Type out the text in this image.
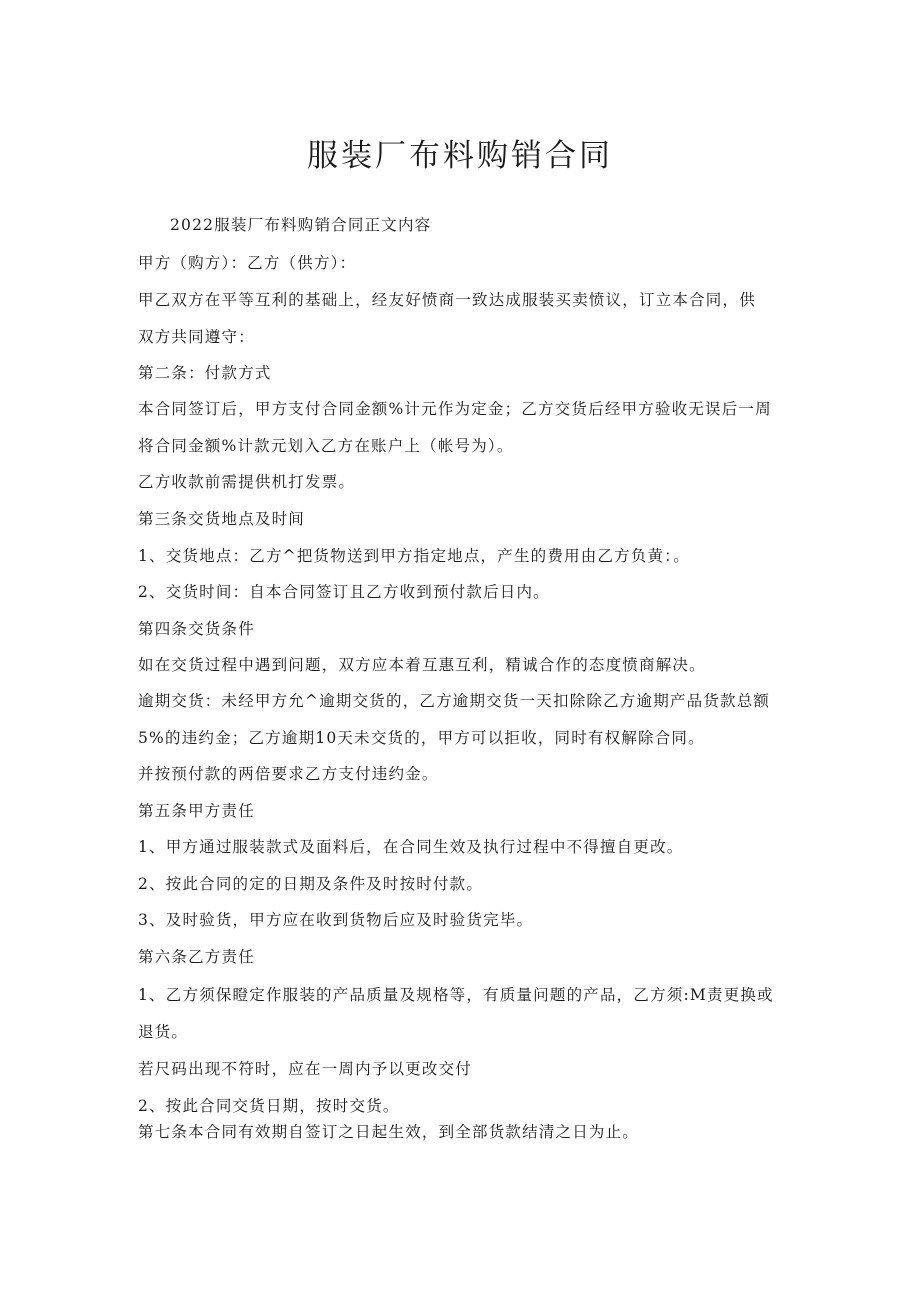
服装厂布料购销合同

2022服装厂布料购销合同正文内容

甲方（购方）：乙方（供方）：

甲乙双方在平等互利的基础上，经友好愤商一致达成服装买卖愤议，订立本合同，供

双方共同遵守：

第二条：付款方式

本合同签订后，甲方支付合同金额%计元作为定金；乙方交货后经甲方验收无误后一周

将合同金额%计款元划入乙方在账户上（帐号为）。

乙方收款前需提供机打发票。

第三条交货地点及时间

1、交货地点：乙方^把货物送到甲方指定地点，产生的费用由乙方负黄：。

2、交货时间：自本合同签订且乙方收到预付款后日内。

第四条交货条件

如在交货过程中遇到问题，双方应本着互惠互利，精诚合作的态度愤商解决。

逾期交货：未经甲方允^逾期交货的，乙方逾期交货一天扣除除乙方逾期产品货款总额

5%的违约金；乙方逾期10天未交货的，甲方可以拒收，同时有权解除合同。

并按预付款的两倍要求乙方支付违约金。

第五条甲方责任

1、甲方通过服装款式及面料后，在合同生效及执行过程中不得擅自更改。

2、按此合同的定的日期及条件及时按时付款。

3、及时验货，甲方应在收到货物后应及时验货完毕。

第六条乙方责任

1、乙方须保瞪定作服装的产品质量及规格等，有质量问题的产品，乙方须:M责更换或

退货。

若尺码出现不符时，应在一周内予以更改交付

2、按此合同交货日期，按时交货。

第七条本合同有效期自签订之日起生效，到全部货款结清之日为止。
